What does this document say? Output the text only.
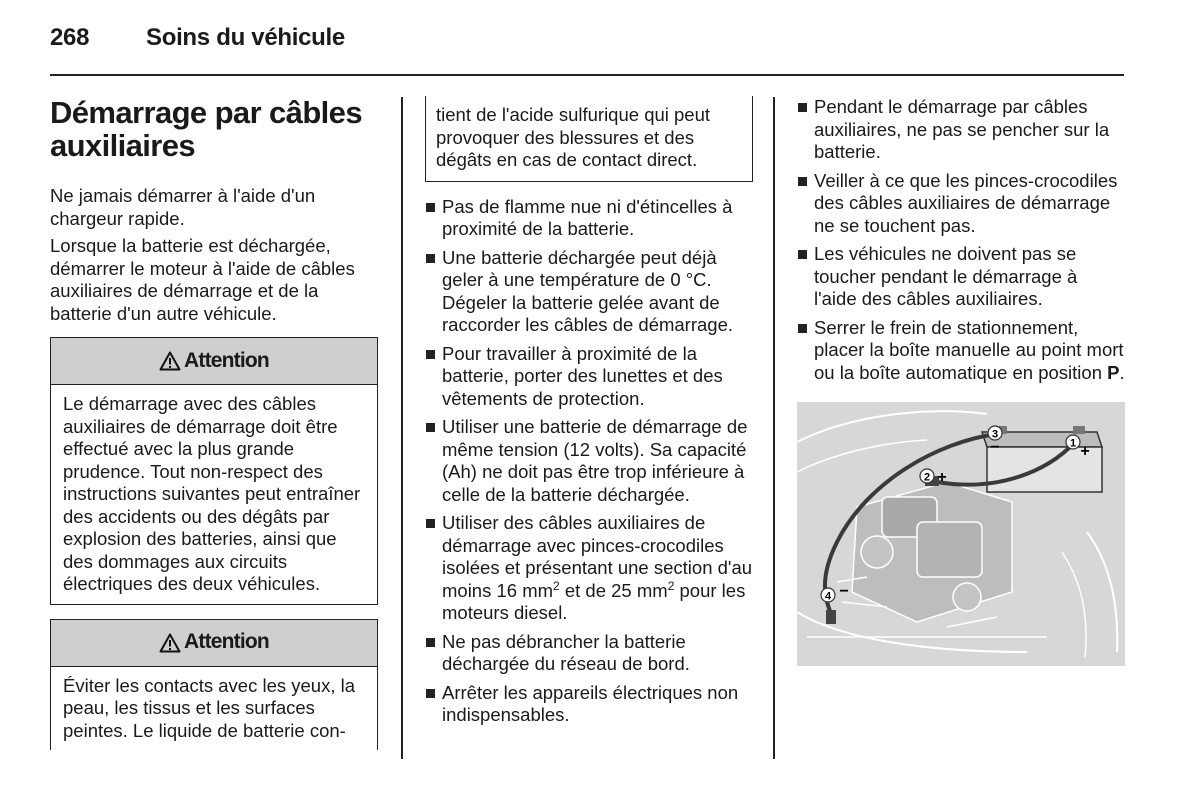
268 Soins du véhicule
Démarrage par câbles auxiliaires

Ne jamais démarrer à l'aide d'un chargeur rapide.

Lorsque la batterie est déchargée, démarrer le moteur à l'aide de câbles auxiliaires de démarrage et de la batterie d'un autre véhicule.

Attention
Le démarrage avec des câbles auxiliaires de démarrage doit être effectué avec la plus grande prudence. Tout non-respect des instructions suivantes peut entraîner des accidents ou des dégâts par explosion des batteries, ainsi que des dommages aux circuits électriques des deux véhicules.
Attention
Éviter les contacts avec les yeux, la peau, les tissus et les surfaces peintes. Le liquide de batterie con-
tient de l'acide sulfurique qui peut provoquer des blessures et des dégâts en cas de contact direct.
Pas de flamme nue ni d'étincelles à proximité de la batterie.
Une batterie déchargée peut déjà geler à une température de 0 °C. Dégeler la batterie gelée avant de raccorder les câbles de démarrage.
Pour travailler à proximité de la batterie, porter des lunettes et des vêtements de protection.
Utiliser une batterie de démarrage de même tension (12 volts). Sa capacité (Ah) ne doit pas être trop inférieure à celle de la batterie déchargée.
Utiliser des câbles auxiliaires de démarrage avec pinces-crocodiles isolées et présentant une section d'au moins 16 $mm^2$ et de 25 $mm^2$ pour les moteurs diesel.
Ne pas débrancher la batterie déchargée du réseau de bord.
Arrêter les appareils électriques non indispensables.
Pendant le démarrage par câbles auxiliaires, ne pas se pencher sur la batterie.
Veiller à ce que les pinces-crocodiles des câbles auxiliaires de démarrage ne se touchent pas.
Les véhicules ne doivent pas se toucher pendant le démarrage à l'aide des câbles auxiliaires.
Serrer le frein de stationnement, placer la boîte manuelle au point mort ou la boîte automatique en position P.
1 +
2 +
3
−
4 −
